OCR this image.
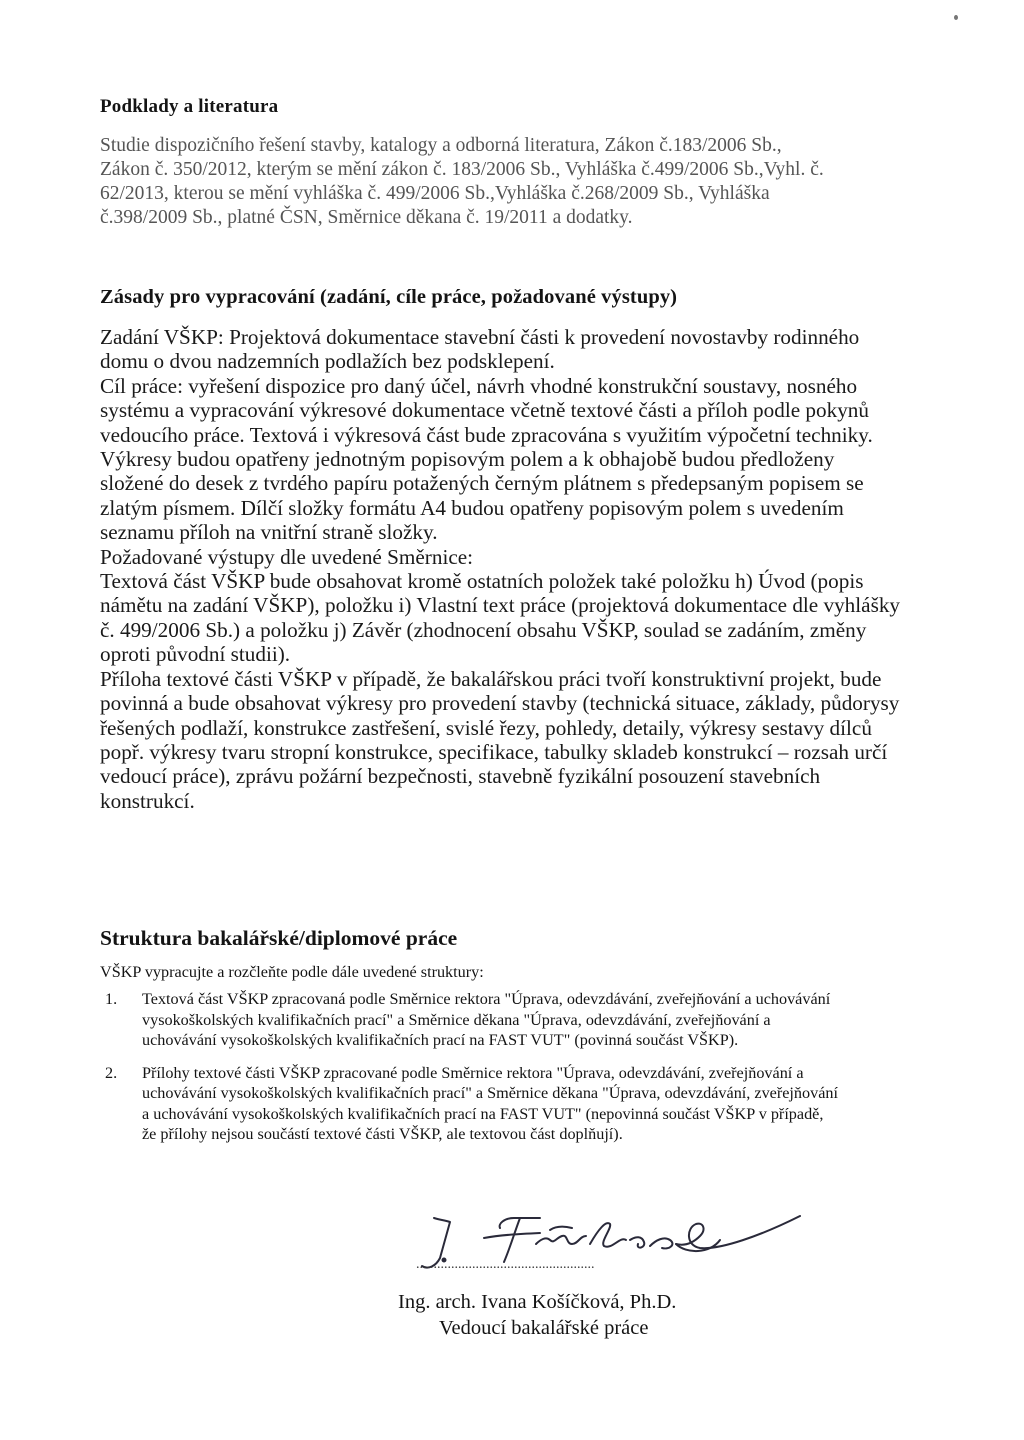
Podklady a literatura
Studie dispozičního řešení stavby, katalogy a odborná literatura, Zákon č.183/2006 Sb.,
Zákon č. 350/2012, kterým se mění zákon č. 183/2006 Sb., Vyhláška č.499/2006 Sb.,Vyhl. č.
62/2013, kterou se mění vyhláška č. 499/2006 Sb.,Vyhláška č.268/2009 Sb., Vyhláška
č.398/2009 Sb., platné ČSN, Směrnice děkana č. 19/2011 a dodatky.
Zásady pro vypracování (zadání, cíle práce, požadované výstupy)

Zadání VŠKP: Projektová dokumentace stavební části k provedení novostavby rodinného

domu o dvou nadzemních podlažích bez podsklepení.

Cíl práce: vyřešení dispozice pro daný účel, návrh vhodné konstrukční soustavy, nosného

systému a vypracování výkresové dokumentace včetně textové části a příloh podle pokynů

vedoucího práce. Textová i výkresová část bude zpracována s využitím výpočetní techniky.

Výkresy budou opatřeny jednotným popisovým polem a k obhajobě budou předloženy

složené do desek z tvrdého papíru potažených černým plátnem s předepsaným popisem se

zlatým písmem. Dílčí složky formátu A4 budou opatřeny popisovým polem s uvedením

seznamu příloh na vnitřní straně složky.

Požadované výstupy dle uvedené Směrnice:

Textová část VŠKP bude obsahovat kromě ostatních položek také položku h) Úvod (popis

námětu na zadání VŠKP), položku i) Vlastní text práce (projektová dokumentace dle vyhlášky

č. 499/2006 Sb.) a položku j) Závěr (zhodnocení obsahu VŠKP, soulad se zadáním, změny

oproti původní studii).

Příloha textové části VŠKP v případě, že bakalářskou práci tvoří konstruktivní projekt, bude

povinná a bude obsahovat výkresy pro provedení stavby (technická situace, základy, půdorysy

řešených podlaží, konstrukce zastřešení, svislé řezy, pohledy, detaily, výkresy sestavy dílců

popř. výkresy tvaru stropní konstrukce, specifikace, tabulky skladeb konstrukcí – rozsah určí

vedoucí práce), zprávu požární bezpečnosti, stavebně fyzikální posouzení stavebních

konstrukcí.

Struktura bakalářské/diplomové práce
VŠKP vypracujte a rozčleňte podle dále uvedené struktury:
1. Textová část VŠKP zpracovaná podle Směrnice rektora "Úprava, odevzdávání, zveřejňování a uchovávání
vysokoškolských kvalifikačních prací" a Směrnice děkana "Úprava, odevzdávání, zveřejňování a
uchovávání vysokoškolských kvalifikačních prací na FAST VUT" (povinná součást VŠKP).
2. Přílohy textové části VŠKP zpracované podle Směrnice rektora "Úprava, odevzdávání, zveřejňování a
uchovávání vysokoškolských kvalifikačních prací" a Směrnice děkana "Úprava, odevzdávání, zveřejňování
a uchovávání vysokoškolských kvalifikačních prací na FAST VUT" (nepovinná součást VŠKP v případě,
že přílohy nejsou součástí textové části VŠKP, ale textovou část doplňují).
...................................................
Ing. arch. Ivana Košíčková, Ph.D.
Vedoucí bakalářské práce
